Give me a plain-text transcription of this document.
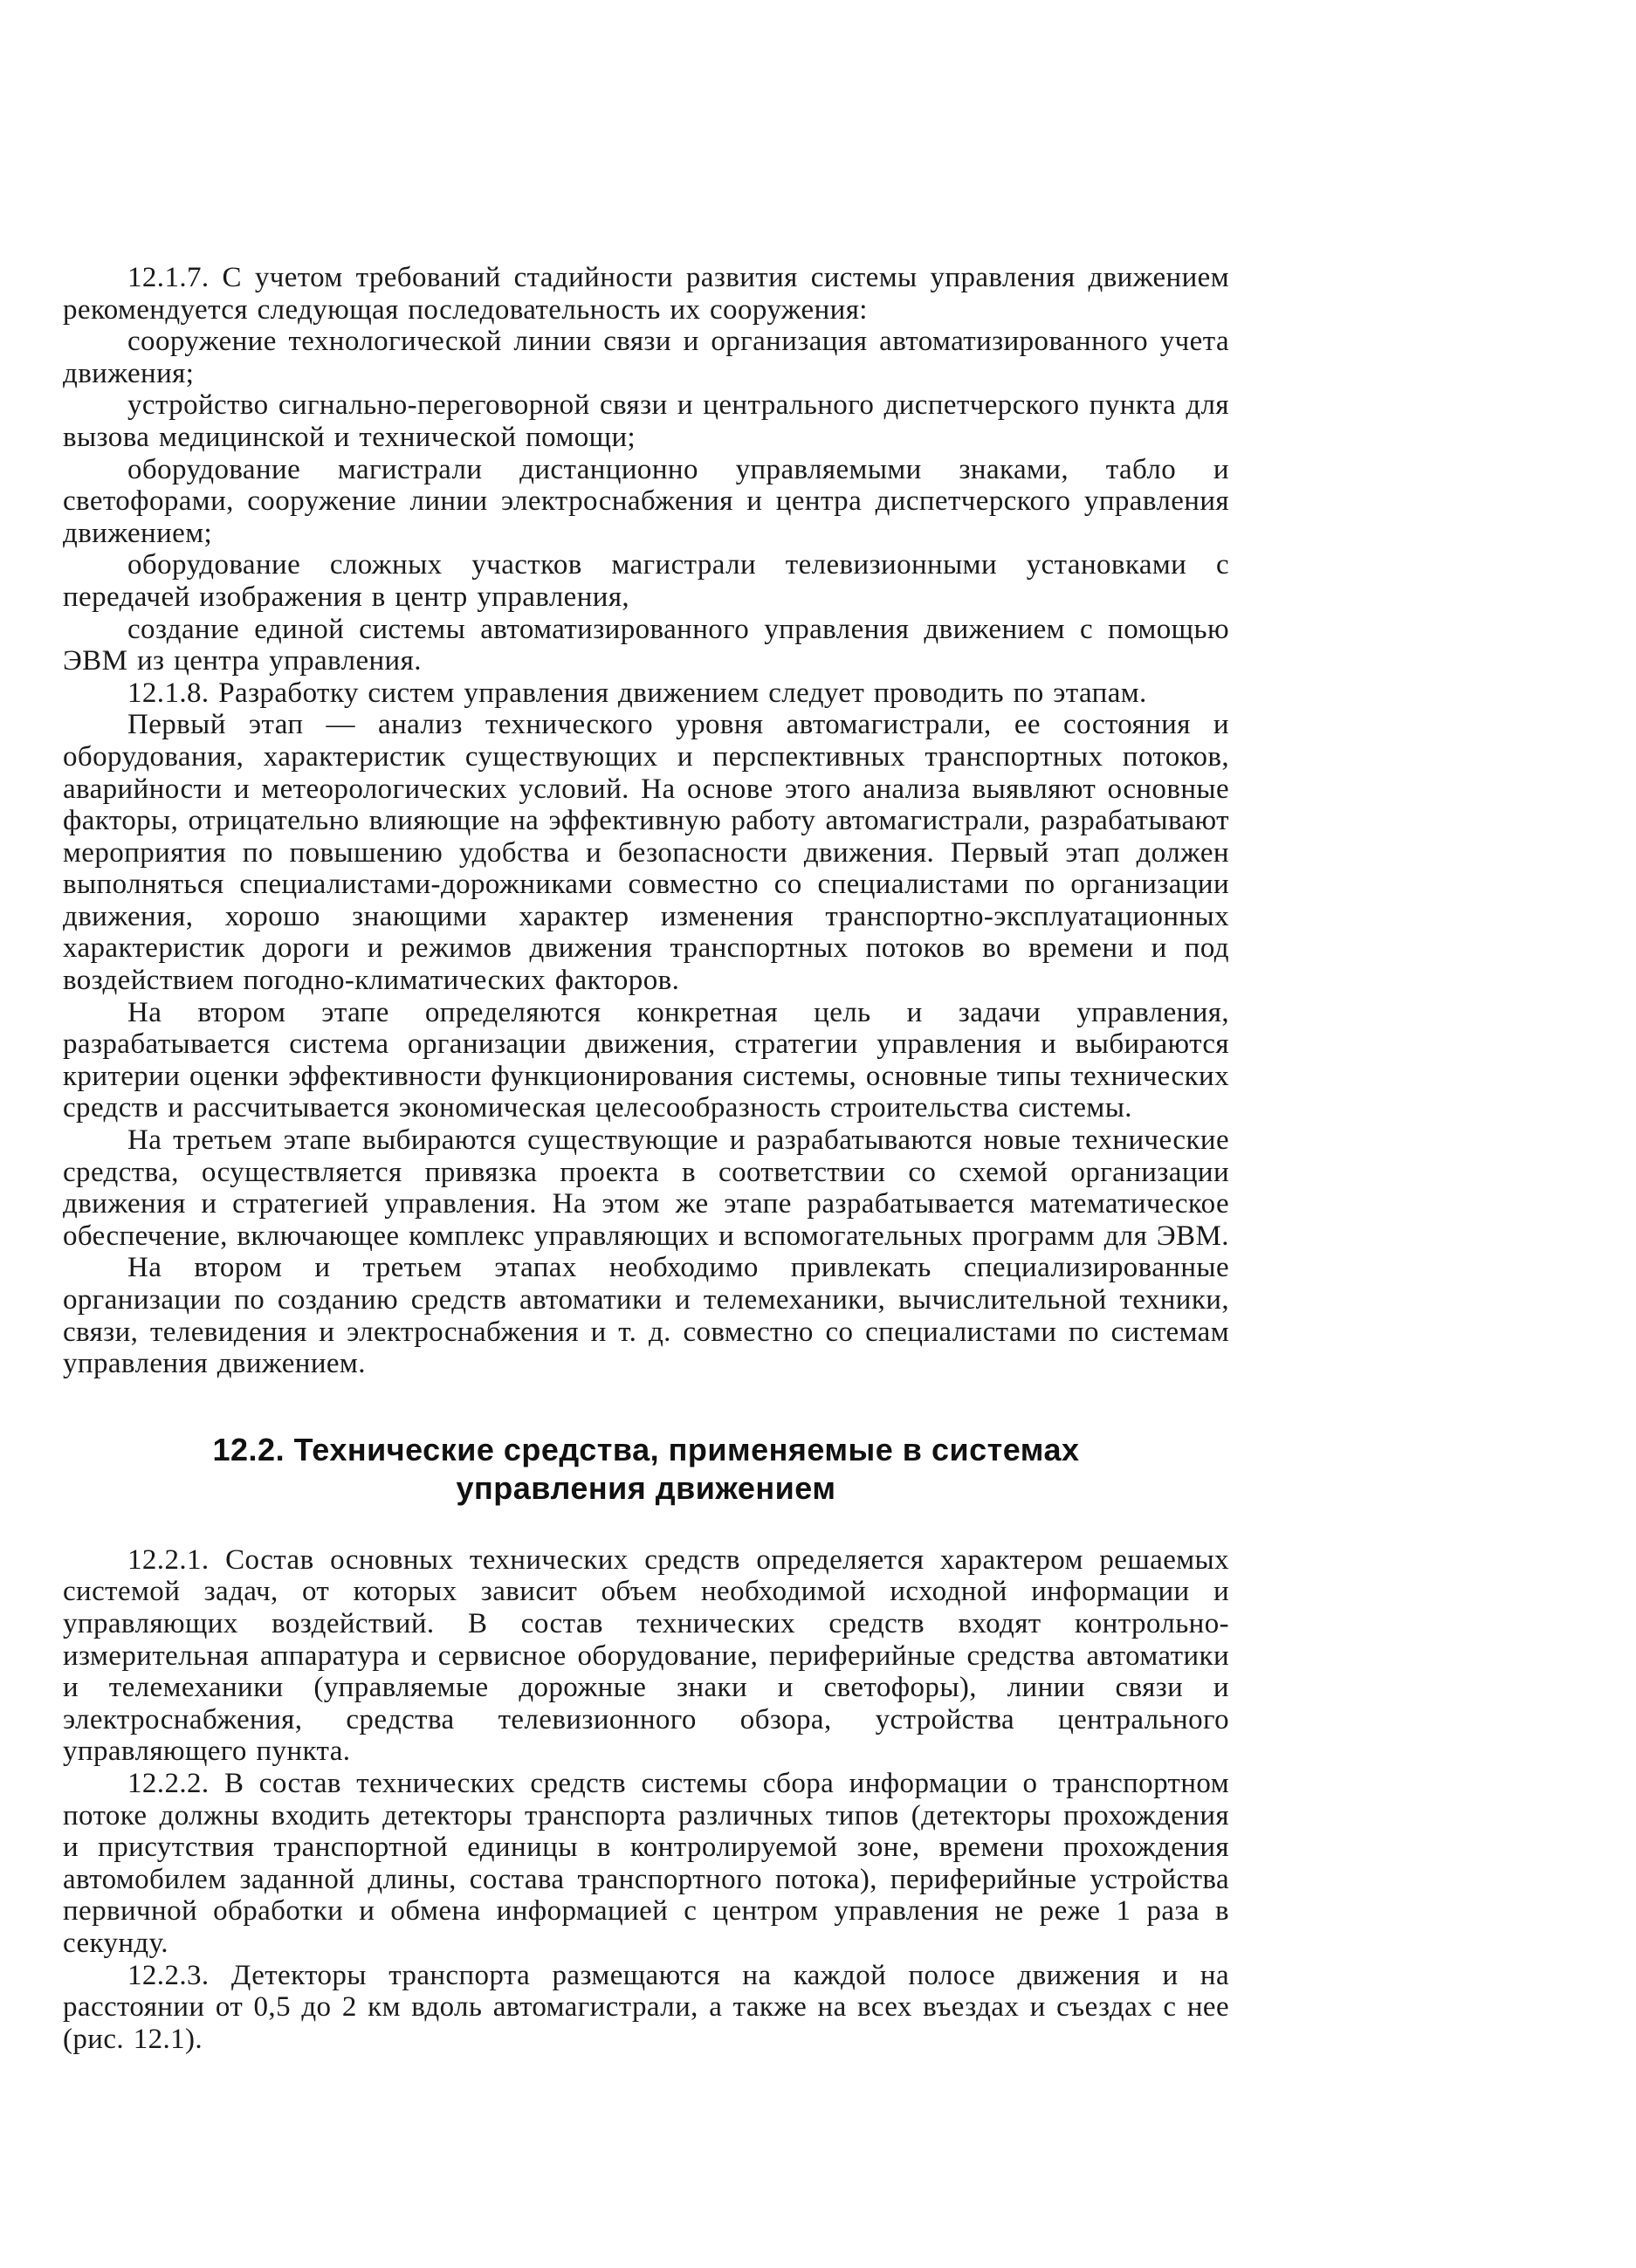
12.1.7. С учетом требований стадийности развития системы управления движением рекомендуется следующая последовательность их сооружения:

сооружение технологической линии связи и организация автоматизированного учета движения;

устройство сигнально-переговорной связи и центрального диспетчерского пункта для вызова медицинской и технической помощи;

оборудование магистрали дистанционно управляемыми знаками, табло и светофорами, сооружение линии электроснабжения и центра диспетчерского управления движением;

оборудование сложных участков магистрали телевизионными установками с передачей изображения в центр управления,

создание единой системы автоматизированного управления движением с помощью ЭВМ из центра управления.

12.1.8. Разработку систем управления движением следует проводить по этапам.

Первый этап — анализ технического уровня автомагистрали, ее состояния и оборудования, характеристик существующих и перспективных транспортных потоков, аварийности и метеорологических условий. На основе этого анализа выявляют основные факторы, отрицательно влияющие на эффективную работу автомагистрали, разрабатывают мероприятия по повышению удобства и безопасности движения. Первый этап должен выполняться специалистами-дорожниками совместно со специалистами по организации движения, хорошо знающими характер изменения транспортно-эксплуатационных характеристик дороги и режимов движения транспортных потоков во времени и под воздействием погодно-климатических факторов.

На втором этапе определяются конкретная цель и задачи управления, разрабатывается система организации движения, стратегии управления и выбираются критерии оценки эффективности функционирования системы, основные типы технических средств и рассчитывается экономическая целесообразность строительства системы.

На третьем этапе выбираются существующие и разрабатываются новые технические средства, осуществляется привязка проекта в соответствии со схемой организации движения и стратегией управления. На этом же этапе разрабатывается математическое обеспечение, включающее комплекс управляющих и вспомогательных программ для ЭВМ.

На втором и третьем этапах необходимо привлекать специализированные организации по созданию средств автоматики и телемеханики, вычислительной техники, связи, телевидения и электроснабжения и т. д. совместно со специалистами по системам управления движением.

12.2. Технические средства, применяемые в системах
управления движением

12.2.1. Состав основных технических средств определяется характером решаемых системой задач, от которых зависит объем необходимой исходной информации и управляющих воздействий. В состав технических средств входят контрольно-измерительная аппаратура и сервисное оборудование, периферийные средства автоматики и телемеханики (управляемые дорожные знаки и светофоры), линии связи и электроснабжения, средства телевизионного обзора, устройства центрального управляющего пункта.

12.2.2. В состав технических средств системы сбора информации о транспортном потоке должны входить детекторы транспорта различных типов (детекторы прохождения и присутствия транспортной единицы в контролируемой зоне, времени прохождения автомобилем заданной длины, состава транспортного потока), периферийные устройства первичной обработки и обмена информацией с центром управления не реже 1 раза в секунду.

12.2.3. Детекторы транспорта размещаются на каждой полосе движения и на расстоянии от 0,5 до 2 км вдоль автомагистрали, а также на всех въездах и съездах с нее (рис. 12.1).
